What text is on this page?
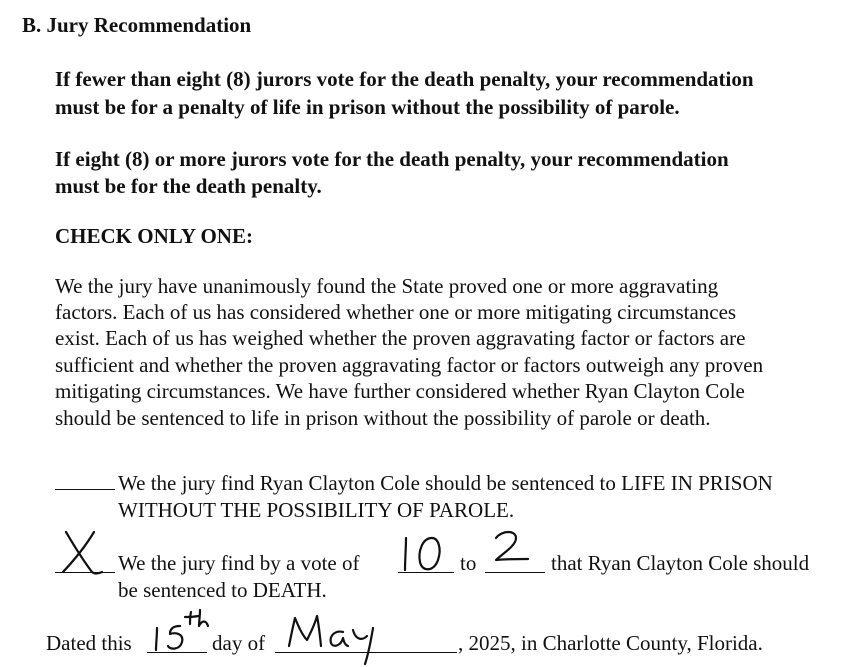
B. Jury Recommendation
If fewer than eight (8) jurors vote for the death penalty, your recommendation
must be for a penalty of life in prison without the possibility of parole.
If eight (8) or more jurors vote for the death penalty, your recommendation
must be for the death penalty.
CHECK ONLY ONE:
We the jury have unanimously found the State proved one or more aggravating
factors. Each of us has considered whether one or more mitigating circumstances
exist. Each of us has weighed whether the proven aggravating factor or factors are
sufficient and whether the proven aggravating factor or factors outweigh any proven
mitigating circumstances. We have further considered whether Ryan Clayton Cole
should be sentenced to life in prison without the possibility of parole or death.
We the jury find Ryan Clayton Cole should be sentenced to LIFE IN PRISON
WITHOUT THE POSSIBILITY OF PAROLE.
We the jury find by a vote of	to	that Ryan Clayton Cole should
be sentenced to DEATH.
Dated this	day of	, 2025, in Charlotte County, Florida.
